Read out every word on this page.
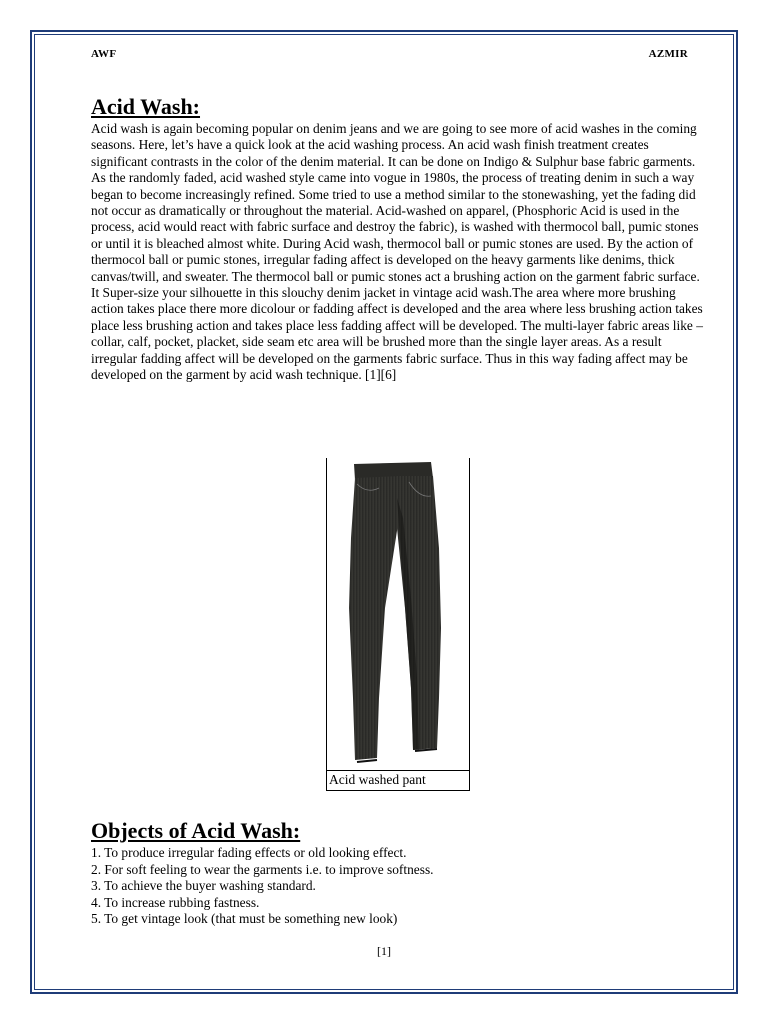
AWF	AZMIR
Acid Wash:

Acid wash is again becoming popular on denim jeans and we are going to see more of acid washes in the coming seasons. Here, let’s have a quick look at the acid washing process. An acid wash finish treatment creates significant contrasts in the color of the denim material. It can be done on Indigo & Sulphur base fabric garments. As the randomly faded, acid washed style came into vogue in 1980s, the process of treating denim in such a way began to become increasingly refined. Some tried to use a method similar to the stonewashing, yet the fading did not occur as dramatically or throughout the material. Acid-washed on apparel, (Phosphoric Acid is used in the process, acid would react with fabric surface and destroy the fabric), is washed with thermocol ball, pumic stones or until it is bleached almost white. During Acid wash, thermocol ball or pumic stones are used. By the action of thermocol ball or pumic stones, irregular fading affect is developed on the heavy garments like denims, thick canvas/twill, and sweater. The thermocol ball or pumic stones act a brushing action on the garment fabric surface. It Super-size your silhouette in this slouchy denim jacket in vintage acid wash.The area where more brushing action takes place there more dicolour or fadding affect is developed and the area where less brushing action takes place less brushing action and takes place less fadding affect will be developed. The multi-layer fabric areas like –collar, calf, pocket, placket, side seam etc area will be brushed more than the single layer areas. As a result irregular fadding affect will be developed on the garments fabric surface. Thus in this way fading affect may be developed on the garment by acid wash technique. [1][6]

Acid washed pant
Objects of Acid Wash:
1. To produce irregular fading effects or old looking effect.
2. For soft feeling to wear the garments i.e. to improve softness.
3. To achieve the buyer washing standard.
4. To increase rubbing fastness.
5. To get vintage look (that must be something new look)
[1]
